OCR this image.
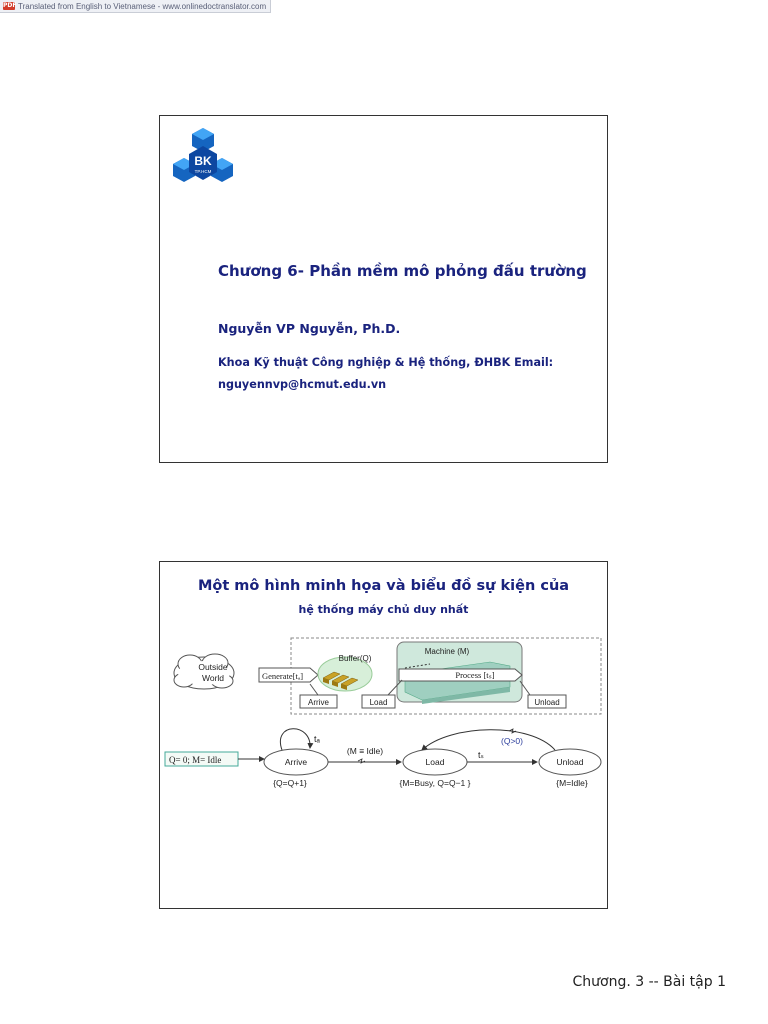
PDF Translated from English to Vietnamese - www.onlinedoctranslator.com
BK
TP.HCM
Chương 6- Phần mềm mô phỏng đấu trường
Nguyễn VP Nguyễn, Ph.D.
Khoa Kỹ thuật Công nghiệp & Hệ thống, ĐHBK Email:
nguyennvp@hcmut.edu.vn
Một mô hình minh họa và biểu đồ sự kiện của
hệ thống máy chủ duy nhất
Outside
World	Generate[tₐ]
Buffer(Q)
Machine (M)
Process [tₛ]
Arrive	Load	Unload
Q= 0; M= Idle	Arrive	Load	Unload
tₐ
(M ≡ Idle)	tₛ
(Q>0)
{Q=Q+1}	{M=Busy, Q=Q−1 }	{M=Idle}
Chương. 3 -- Bài tập 1
